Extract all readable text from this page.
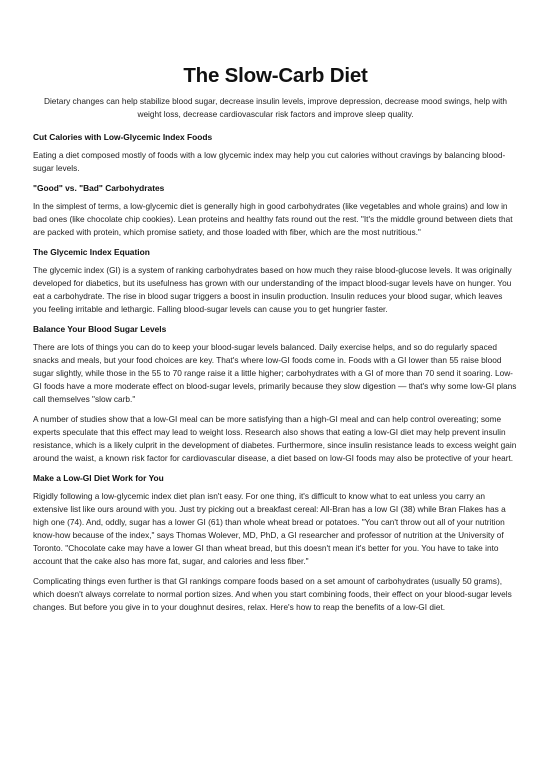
The Slow-Carb Diet

Dietary changes can help stabilize blood sugar, decrease insulin levels, improve depression, decrease mood swings, help with weight loss, decrease cardiovascular risk factors and improve sleep quality.

Cut Calories with Low-Glycemic Index Foods

Eating a diet composed mostly of foods with a low glycemic index may help you cut calories without cravings by balancing blood-sugar levels.

"Good" vs. "Bad" Carbohydrates

In the simplest of terms, a low-glycemic diet is generally high in good carbohydrates (like vegetables and whole grains) and low in bad ones (like chocolate chip cookies). Lean proteins and healthy fats round out the rest. "It's the middle ground between diets that are packed with protein, which promise satiety, and those loaded with fiber, which are the most nutritious."

The Glycemic Index Equation

The glycemic index (GI) is a system of ranking carbohydrates based on how much they raise blood-glucose levels. It was originally developed for diabetics, but its usefulness has grown with our understanding of the impact blood-sugar levels have on hunger. You eat a carbohydrate. The rise in blood sugar triggers a boost in insulin production. Insulin reduces your blood sugar, which leaves you feeling irritable and lethargic. Falling blood-sugar levels can cause you to get hungrier faster.

Balance Your Blood Sugar Levels

There are lots of things you can do to keep your blood-sugar levels balanced. Daily exercise helps, and so do regularly spaced snacks and meals, but your food choices are key. That's where low-GI foods come in. Foods with a GI lower than 55 raise blood sugar slightly, while those in the 55 to 70 range raise it a little higher; carbohydrates with a GI of more than 70 send it soaring. Low-GI foods have a more moderate effect on blood-sugar levels, primarily because they slow digestion — that's why some low-GI plans call themselves "slow carb."

A number of studies show that a low-GI meal can be more satisfying than a high-GI meal and can help control overeating; some experts speculate that this effect may lead to weight loss. Research also shows that eating a low-GI diet may help prevent insulin resistance, which is a likely culprit in the development of diabetes. Furthermore, since insulin resistance leads to excess weight gain around the waist, a known risk factor for cardiovascular disease, a diet based on low-GI foods may also be protective of your heart.

Make a Low-GI Diet Work for You

Rigidly following a low-glycemic index diet plan isn't easy. For one thing, it's difficult to know what to eat unless you carry an extensive list like ours around with you. Just try picking out a breakfast cereal: All-Bran has a low GI (38) while Bran Flakes has a high one (74). And, oddly, sugar has a lower GI (61) than whole wheat bread or potatoes. "You can't throw out all of your nutrition know-how because of the index," says Thomas Wolever, MD, PhD, a GI researcher and professor of nutrition at the University of Toronto. "Chocolate cake may have a lower GI than wheat bread, but this doesn't mean it's better for you. You have to take into account that the cake also has more fat, sugar, and calories and less fiber."

Complicating things even further is that GI rankings compare foods based on a set amount of carbohydrates (usually 50 grams), which doesn't always correlate to normal portion sizes. And when you start combining foods, their effect on your blood-sugar levels changes. But before you give in to your doughnut desires, relax. Here's how to reap the benefits of a low-GI diet.
